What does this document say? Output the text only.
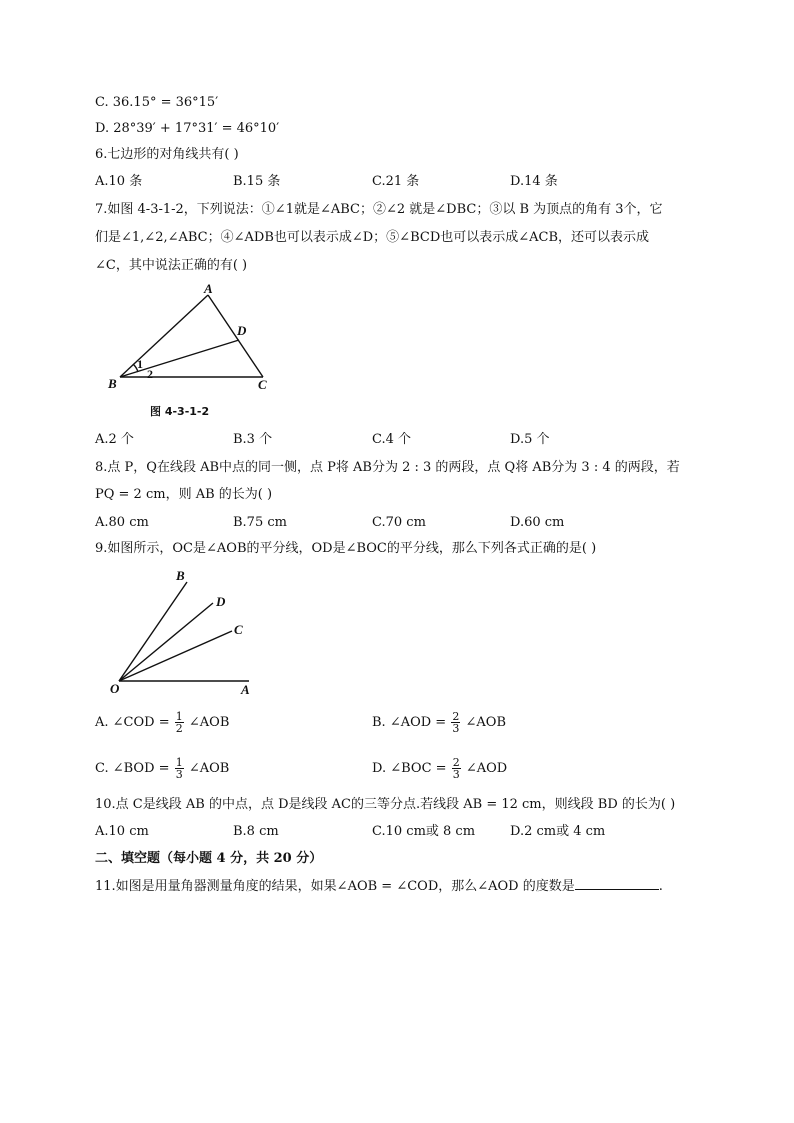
C. 36.15° = 36°15′
D. 28°39′ + 17°31′ = 46°10′
6.七边形的对角线共有( )
A.10 条	B.15 条	C.21 条	D.14 条
7.如图 4-3-1-2，下列说法：①∠1就是∠ABC；②∠2 就是∠DBC；③以 B 为顶点的角有 3个，它
们是∠1,∠2,∠ABC；④∠ADB也可以表示成∠D；⑤∠BCD也可以表示成∠ACB，还可以表示成
∠C，其中说法正确的有( )
A
B	C
D
1
2
图 4-3-1-2
A.2 个	B.3 个	C.4 个	D.5 个
8.点 P，Q在线段 AB中点的同一侧，点 P将 AB分为 2 : 3 的两段，点 Q将 AB分为 3 : 4 的两段，若
PQ = 2 cm，则 AB 的长为( )
A.80 cm	B.75 cm	C.70 cm	D.60 cm
9.如图所示，OC是∠AOB的平分线，OD是∠BOC的平分线，那么下列各式正确的是( )
O	A
B
D
C
A. ∠COD = $\frac{1}{2}$ ∠AOB	B. ∠AOD = $\frac{2}{3}$ ∠AOB
C. ∠BOD = $\frac{1}{3}$ ∠AOB	D. ∠BOC = $\frac{2}{3}$ ∠AOD
10.点 C是线段 AB 的中点，点 D是线段 AC的三等分点.若线段 AB = 12 cm，则线段 BD 的长为( )
A.10 cm	B.8 cm	C.10 cm或 8 cm	D.2 cm或 4 cm
二、填空题（每小题 4 分，共 20 分）
11.如图是用量角器测量角度的结果，如果∠AOB = ∠COD，那么∠AOD 的度数是	.
